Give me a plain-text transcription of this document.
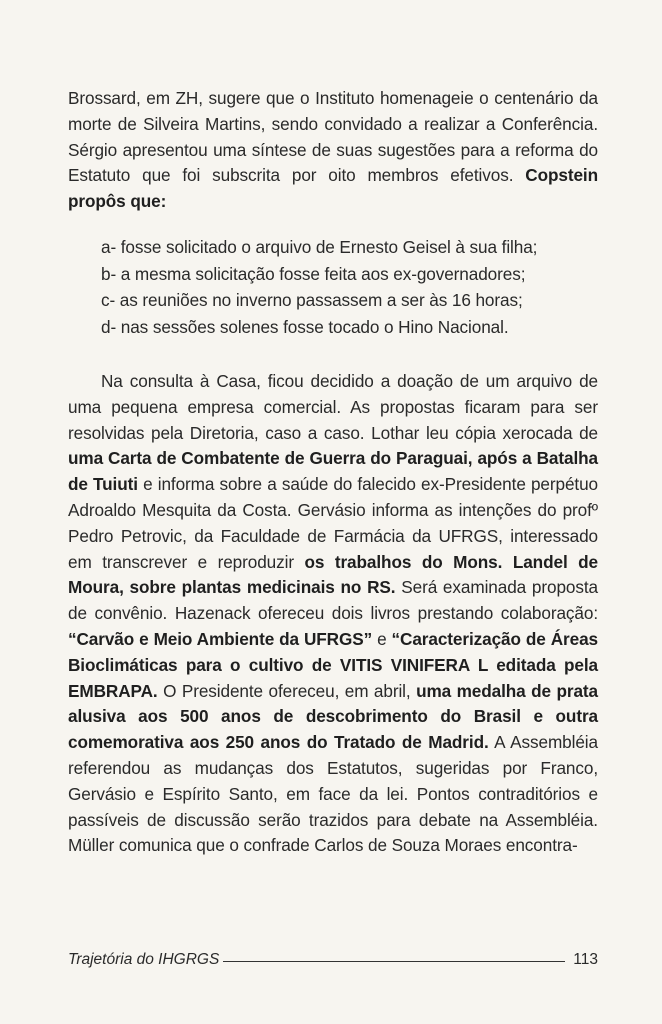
Brossard, em ZH, sugere que o Instituto homenageie o centenário da morte de Silveira Martins, sendo convidado a realizar a Conferência. Sérgio apresentou uma síntese de suas sugestões para a reforma do Estatuto que foi subscrita por oito membros efetivos. Copstein propôs que:

a- fosse solicitado o arquivo de Ernesto Geisel à sua filha;
b- a mesma solicitação fosse feita aos ex-governadores;
c- as reuniões no inverno passassem a ser às 16 horas;
d- nas sessões solenes fosse tocado o Hino Nacional.

Na consulta à Casa, ficou decidido a doação de um arquivo de uma pequena empresa comercial. As propostas ficaram para ser resolvidas pela Diretoria, caso a caso. Lothar leu cópia xerocada de uma Carta de Combatente de Guerra do Paraguai, após a Batalha de Tuiuti e informa sobre a saúde do falecido ex-Presidente perpétuo Adroaldo Mesquita da Costa. Gervásio informa as intenções do profº Pedro Petrovic, da Faculdade de Farmácia da UFRGS, interessado em transcrever e reproduzir os trabalhos do Mons. Landel de Moura, sobre plantas medicinais no RS. Será examinada proposta de convênio. Hazenack ofereceu dois livros prestando colaboração: “Carvão e Meio Ambiente da UFRGS” e “Caracterização de Áreas Bioclimáticas para o cultivo de VITIS VINIFERA L editada pela EMBRAPA. O Presidente ofereceu, em abril, uma medalha de prata alusiva aos 500 anos de descobrimento do Brasil e outra comemorativa aos 250 anos do Tratado de Madrid. A Assembléia referendou as mudanças dos Estatutos, sugeridas por Franco, Gervásio e Espírito Santo, em face da lei. Pontos contraditórios e passíveis de discussão serão trazidos para debate na Assembléia. Müller comunica que o confrade Carlos de Souza Moraes encontra-

Trajetória do IHGRGS	113
